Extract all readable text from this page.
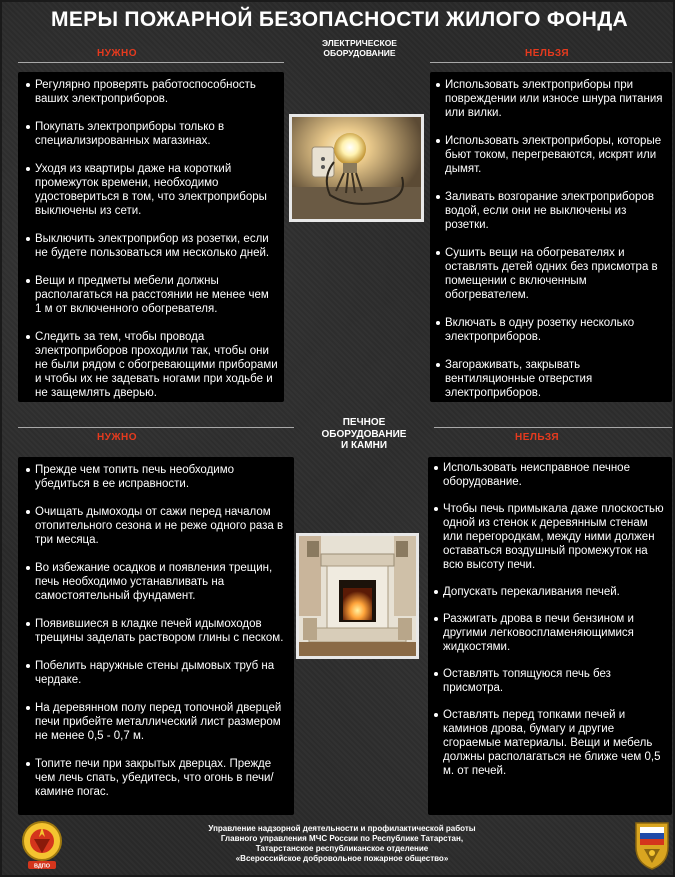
МЕРЫ ПОЖАРНОЙ БЕЗОПАСНОСТИ ЖИЛОГО ФОНДА
НУЖНО	НЕЛЬЗЯ
ЭЛЕКТРИЧЕСКОЕ
ОБОРУДОВАНИЕ
Регулярно проверять работоспособность ваших электроприборов.
Покупать электроприборы только в специализированных магазинах.
Уходя из квартиры даже на короткий промежуток времени, необходимо удостовериться в том, что электроприборы выключены из сети.
Выключить электроприбор из розетки, если не будете пользоваться им несколько дней.
Вещи и предметы мебели должны располагаться на расстоянии не менее чем 1 м от включенного обогревателя.
Следить за тем, чтобы провода электроприборов проходили так, чтобы они не были рядом с обогревающими приборами и чтобы их не задевать ногами при ходьбе и не защемлять дверью.
Использовать электроприборы при повреждении или износе шнура питания или вилки.
Использовать электроприборы, которые бьют током, перегреваются, искрят или дымят.
Заливать возгорание электроприборов водой, если они не выключены из розетки.
Сушить вещи на обогревателях и оставлять детей одних без присмотра в помещении с включенным обогревателем.
Включать в одну розетку несколько электроприборов.
Загораживать, закрывать вентиляционные отверстия электроприборов.
НУЖНО	НЕЛЬЗЯ
ПЕЧНОЕ
ОБОРУДОВАНИЕ
И КАМНИ
Прежде чем топить печь необходимо убедиться в ее исправности.
Очищать дымоходы от сажи перед началом отопительного сезона и не реже одного раза в три месяца.
Во избежание осадков и появления трещин, печь необходимо устанавливать на самостоятельный фундамент.
Появившиеся в кладке печей идымоходов трещины заделать раствором глины с песком.
Побелить наружные стены дымовых труб на чердаке.
На деревянном полу перед топочной дверцей печи прибейте металлический лист размером не менее 0,5 - 0,7 м.
Топите печи при закрытых дверцах. Прежде чем лечь спать, убедитесь, что огонь в печи/камине погас.
Использовать неисправное печное оборудование.
Чтобы печь примыкала даже плоскостью одной из стенок к деревянным стенам или перегородкам, между ними должен оставаться воздушный промежуток на всю высоту печи.
Допускать перекаливания печей.
Разжигать дрова в печи бензином и другими легковоспламеняющимися жидкостями.
Оставлять топящуюся печь без присмотра.
Оставлять перед топками печей и каминов дрова, бумагу и другие сгораемые материалы. Вещи и мебель должны располагаться не ближе чем 0,5 м. от печей.
ВДПО
Управление надзорной деятельности и профилактической работы
Главного управления МЧС России по Республике Татарстан,
Татарстанское республиканское отделение
«Всероссийское добровольное пожарное общество»
